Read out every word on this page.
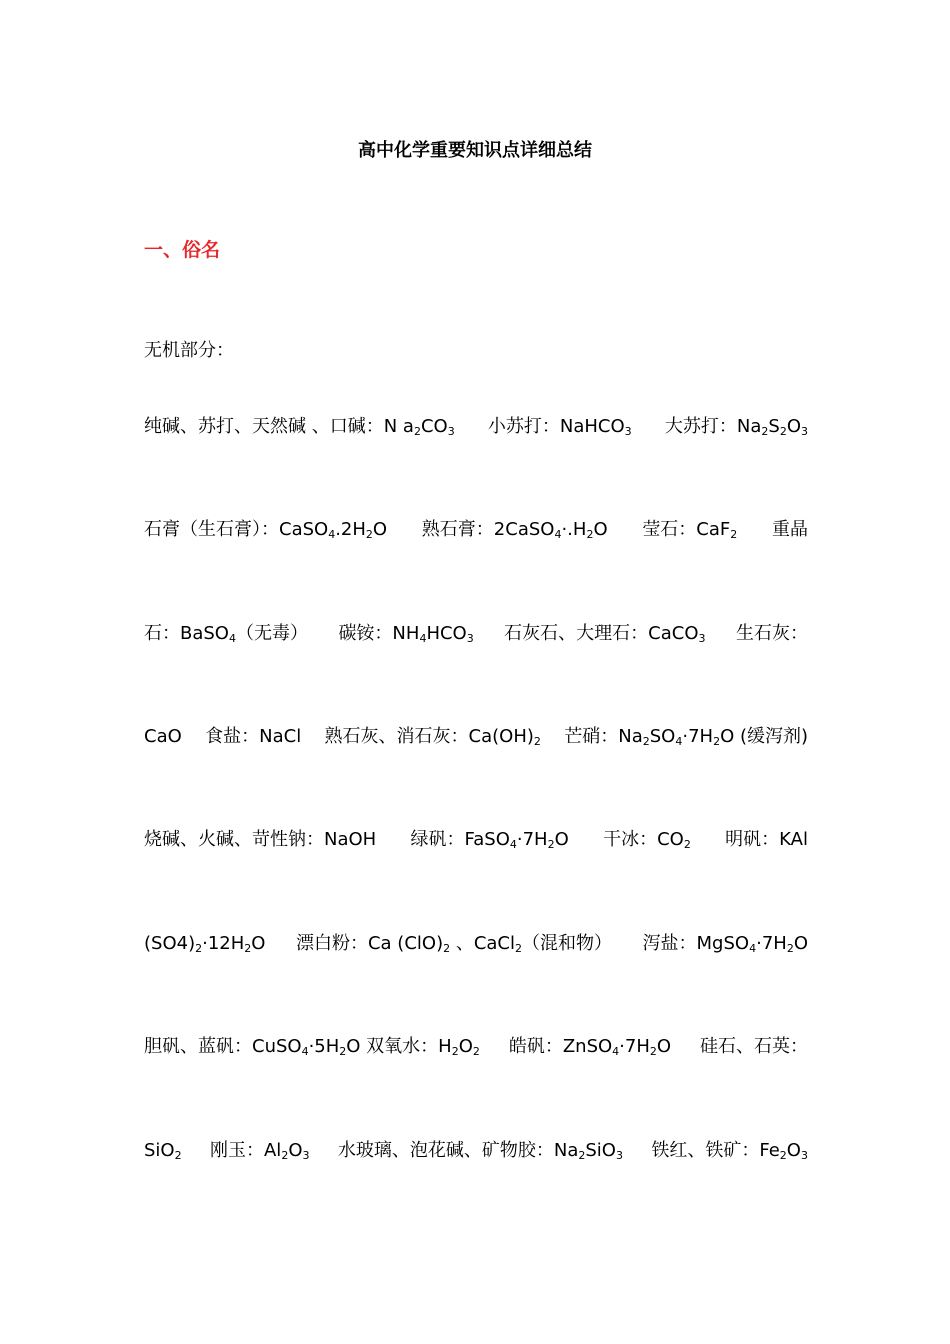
高中化学重要知识点详细总结
一、俗名
无机部分：
纯碱、苏打、天然碱 、口碱：N $a_2CO_3$ 小苏打：NaHCO$_3$ 大苏打：$Na_2S_2O_3$
石膏（生石膏）：$CaSO_4.2H_2O$ 熟石膏：$2CaSO_4\cdot.H_2O$ 莹石：CaF$_2$ 重晶
石：BaSO$_4$（无毒） 碳铵：$NH_4HCO_3$ 石灰石、大理石：CaCO$_3$ 生石灰：
CaO 食盐：NaCl 熟石灰、消石灰：$Ca(OH)_2$ 芒硝：$Na_2SO_4\cdot 7H_2O$ (缓泻剂)
烧碱、火碱、苛性钠：NaOH 绿矾：$FaSO_4\cdot 7H_2O$ 干冰：$CO_2$ 明矾：KAl
$(SO4)_2\cdot 12H_2O$ 漂白粉：Ca $(ClO)_2$ 、CaCl$_2$（混和物） 泻盐：$MgSO_4\cdot 7H_2O$
胆矾、蓝矾：$CuSO_4\cdot 5H_2O$ 双氧水：$H_2O_2$ 皓矾：$ZnSO_4\cdot 7H_2O$ 硅石、石英：
SiO$_2$ 刚玉：$Al_2O_3$ 水玻璃、泡花碱、矿物胶：$Na_2SiO_3$ 铁红、铁矿：$Fe_2O_3$
